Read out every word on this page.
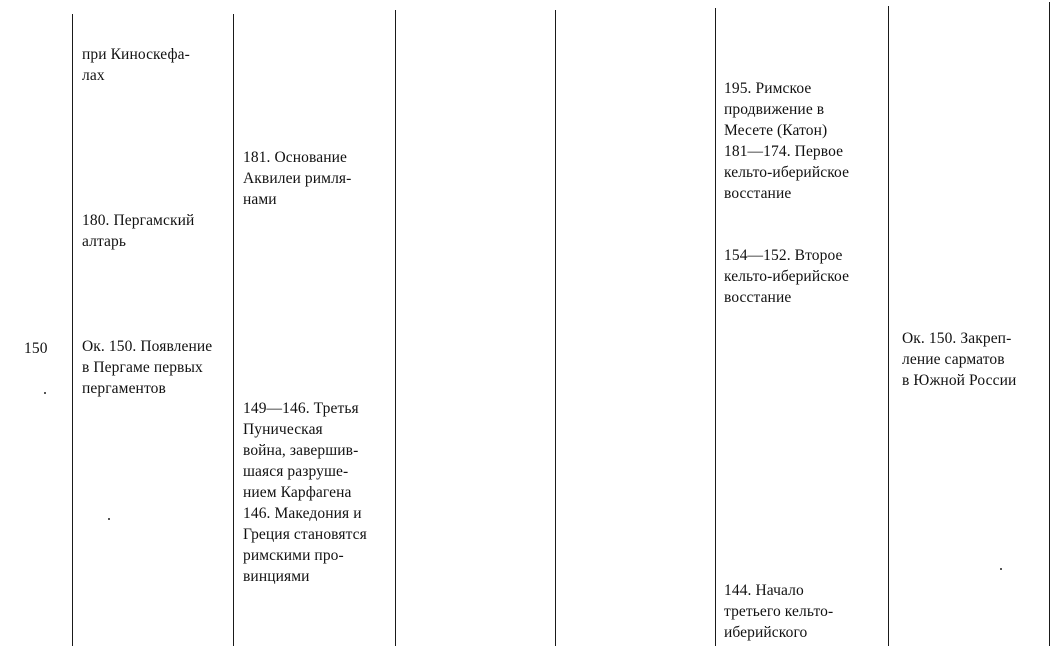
150

при Киноскефа-
лах

180. Пергамский
алтарь

Ок. 150. Появление
в Пергаме первых
пергаментов

181. Основание
Аквилеи римля-
нами

149—146. Третья
Пуническая
война, завершив-
шаяся разруше-
нием Карфагена
146. Македония и
Греция становятся
римскими про-
винциями

195. Римское
продвижение в
Месете (Катон)
181—174. Первое
кельто-иберийское
восстание

154—152. Второе
кельто-иберийское
восстание

144. Начало
третьего кельто-
иберийского

Ок. 150. Закреп-
ление сарматов
в Южной России
